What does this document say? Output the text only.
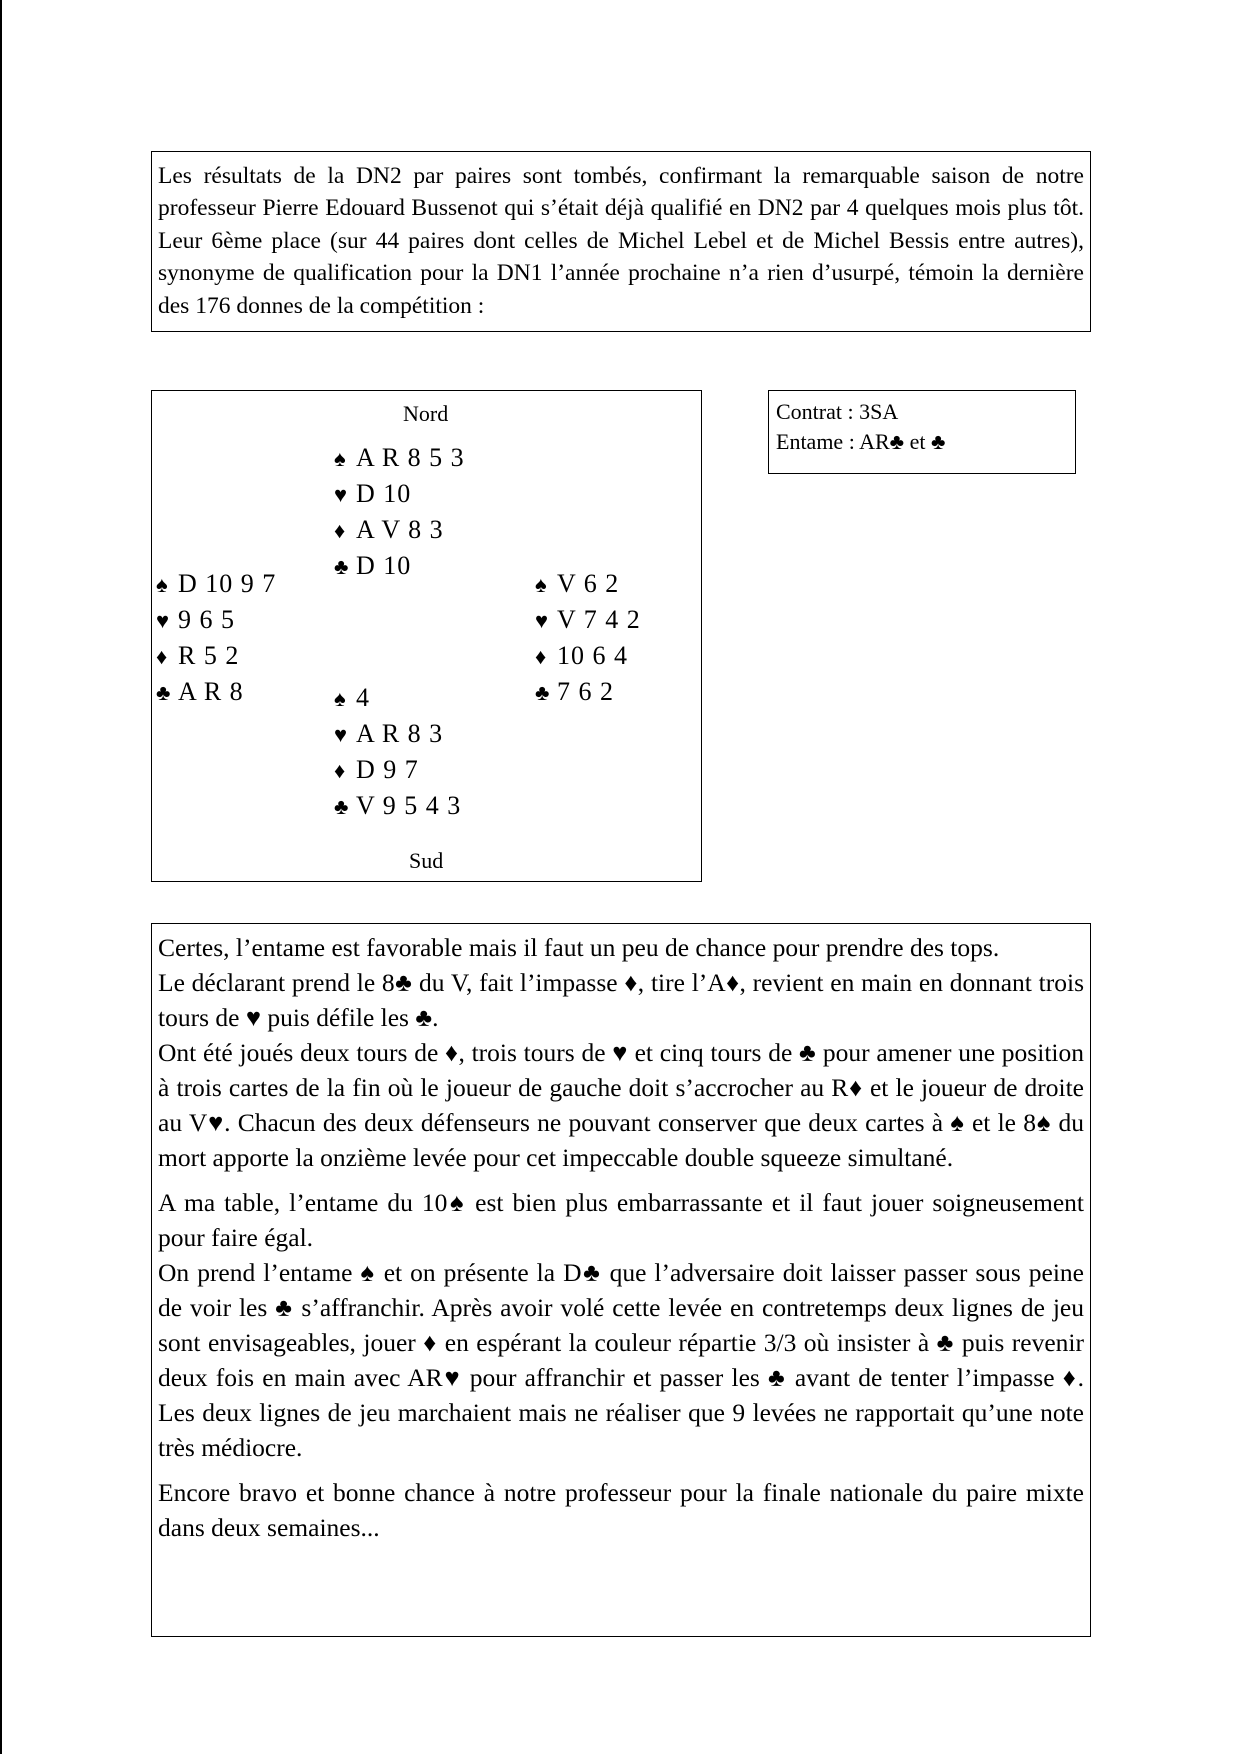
Les résultats de la DN2 par paires sont tombés, confirmant la remarquable saison de notre professeur Pierre Edouard Bussenot qui s’était déjà qualifié en DN2 par 4 quelques mois plus tôt. Leur 6ème place (sur 44 paires dont celles de Michel Lebel et de Michel Bessis entre autres), synonyme de qualification pour la DN1 l’année prochaine n’a rien d’usurpé, témoin la dernière des 176 donnes de la compétition :

Nord
♠ A R 8 5 3
♥ D 10
♦ A V 8 3
♣ D 10
♠ D 10 9 7
♥ 9 6 5
♦ R 5 2
♣ A R 8
♠ V 6 2
♥ V 7 4 2
♦ 10 6 4
♣ 7 6 2
♠ 4
♥ A R 8 3
♦ D 9 7
♣ V 9 5 4 3
Sud
Contrat : 3SA
Entame : AR♣ et ♣

Certes, l’entame est favorable mais il faut un peu de chance pour prendre des tops.

Le déclarant prend le 8♣ du V, fait l’impasse ♦, tire l’A♦, revient en main en donnant trois tours de ♥ puis défile les ♣.

Ont été joués deux tours de ♦, trois tours de ♥ et cinq tours de ♣ pour amener une position à trois cartes de la fin où le joueur de gauche doit s’accrocher au R♦ et le joueur de droite au V♥. Chacun des deux défenseurs ne pouvant conserver que deux cartes à ♠ et le 8♠ du mort apporte la onzième levée pour cet impeccable double squeeze simultané.

A ma table, l’entame du 10♠ est bien plus embarrassante et il faut jouer soigneusement pour faire égal.

On prend l’entame ♠ et on présente la D♣ que l’adversaire doit laisser passer sous peine de voir les ♣ s’affranchir. Après avoir volé cette levée en contretemps deux lignes de jeu sont envisageables, jouer ♦ en espérant la couleur répartie 3/3 où insister à ♣ puis revenir deux fois en main avec AR♥ pour affranchir et passer les ♣ avant de tenter l’impasse ♦. Les deux lignes de jeu marchaient mais ne réaliser que 9 levées ne rapportait qu’une note très médiocre.

Encore bravo et bonne chance à notre professeur pour la finale nationale du paire mixte dans deux semaines...
